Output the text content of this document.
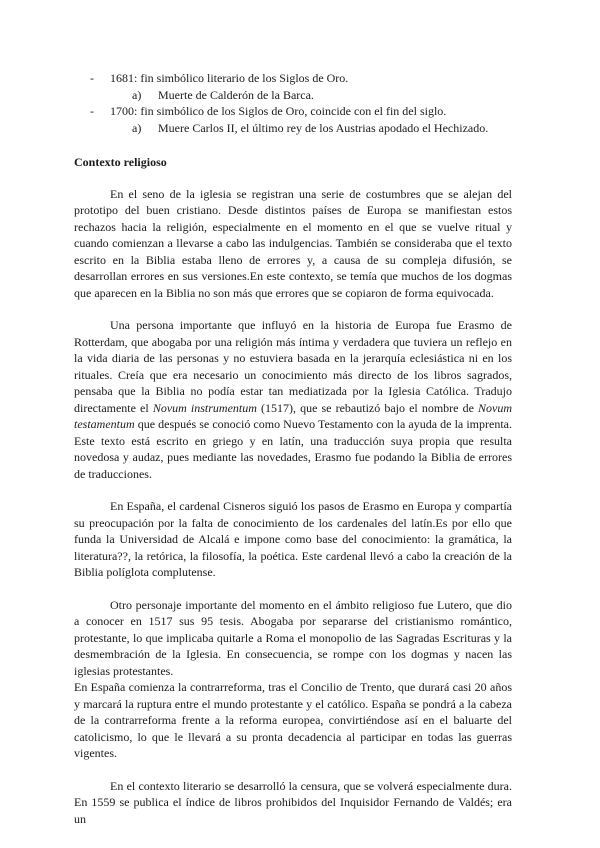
- 1681: fin simbólico literario de los Siglos de Oro.
a) Muerte de Calderón de la Barca.
- 1700: fin simbólico de los Siglos de Oro, coincide con el fin del siglo.
a) Muere Carlos II, el último rey de los Austrias apodado el Hechizado.
Contexto religioso

En el seno de la iglesia se registran una serie de costumbres que se alejan del prototipo del buen cristiano. Desde distintos países de Europa se manifiestan estos rechazos hacia la religión, especialmente en el momento en el que se vuelve ritual y cuando comienzan a llevarse a cabo las indulgencias. También se consideraba que el texto escrito en la Biblia estaba lleno de errores y, a causa de su compleja difusión, se desarrollan errores en sus versiones.En este contexto, se temía que muchos de los dogmas que aparecen en la Biblia no son más que errores que se copiaron de forma equivocada.

Una persona importante que influyó en la historia de Europa fue Erasmo de Rotterdam, que abogaba por una religión más íntima y verdadera que tuviera un reflejo en la vida diaria de las personas y no estuviera basada en la jerarquía eclesiástica ni en los rituales. Creía que era necesario un conocimiento más directo de los libros sagrados, pensaba que la Biblia no podía estar tan mediatizada por la Iglesia Católica. Tradujo directamente el Novum instrumentum (1517), que se rebautizó bajo el nombre de Novum testamentum que después se conoció como Nuevo Testamento con la ayuda de la imprenta. Este texto está escrito en griego y en latín, una traducción suya propia que resulta novedosa y audaz, pues mediante las novedades, Erasmo fue podando la Biblia de errores de traducciones.

En España, el cardenal Cisneros siguió los pasos de Erasmo en Europa y compartía su preocupación por la falta de conocimiento de los cardenales del latín.Es por ello que funda la Universidad de Alcalá e impone como base del conocimiento: la gramática, la literatura??, la retórica, la filosofía, la poética. Este cardenal llevó a cabo la creación de la Biblia políglota complutense.

Otro personaje importante del momento en el ámbito religioso fue Lutero, que dio a conocer en 1517 sus 95 tesis. Abogaba por separarse del cristianismo romántico, protestante, lo que implicaba quitarle a Roma el monopolio de las Sagradas Escrituras y la desmembración de la Iglesia. En consecuencia, se rompe con los dogmas y nacen las iglesias protestantes.

En España comienza la contrarreforma, tras el Concilio de Trento, que durará casi 20 años y marcará la ruptura entre el mundo protestante y el católico. España se pondrá a la cabeza de la contrarreforma frente a la reforma europea, convirtiéndose así en el baluarte del catolicismo, lo que le llevará a su pronta decadencia al participar en todas las guerras vigentes.

En el contexto literario se desarrolló la censura, que se volverá especialmente dura. En 1559 se publica el índice de libros prohibidos del Inquisidor Fernando de Valdés; era un
